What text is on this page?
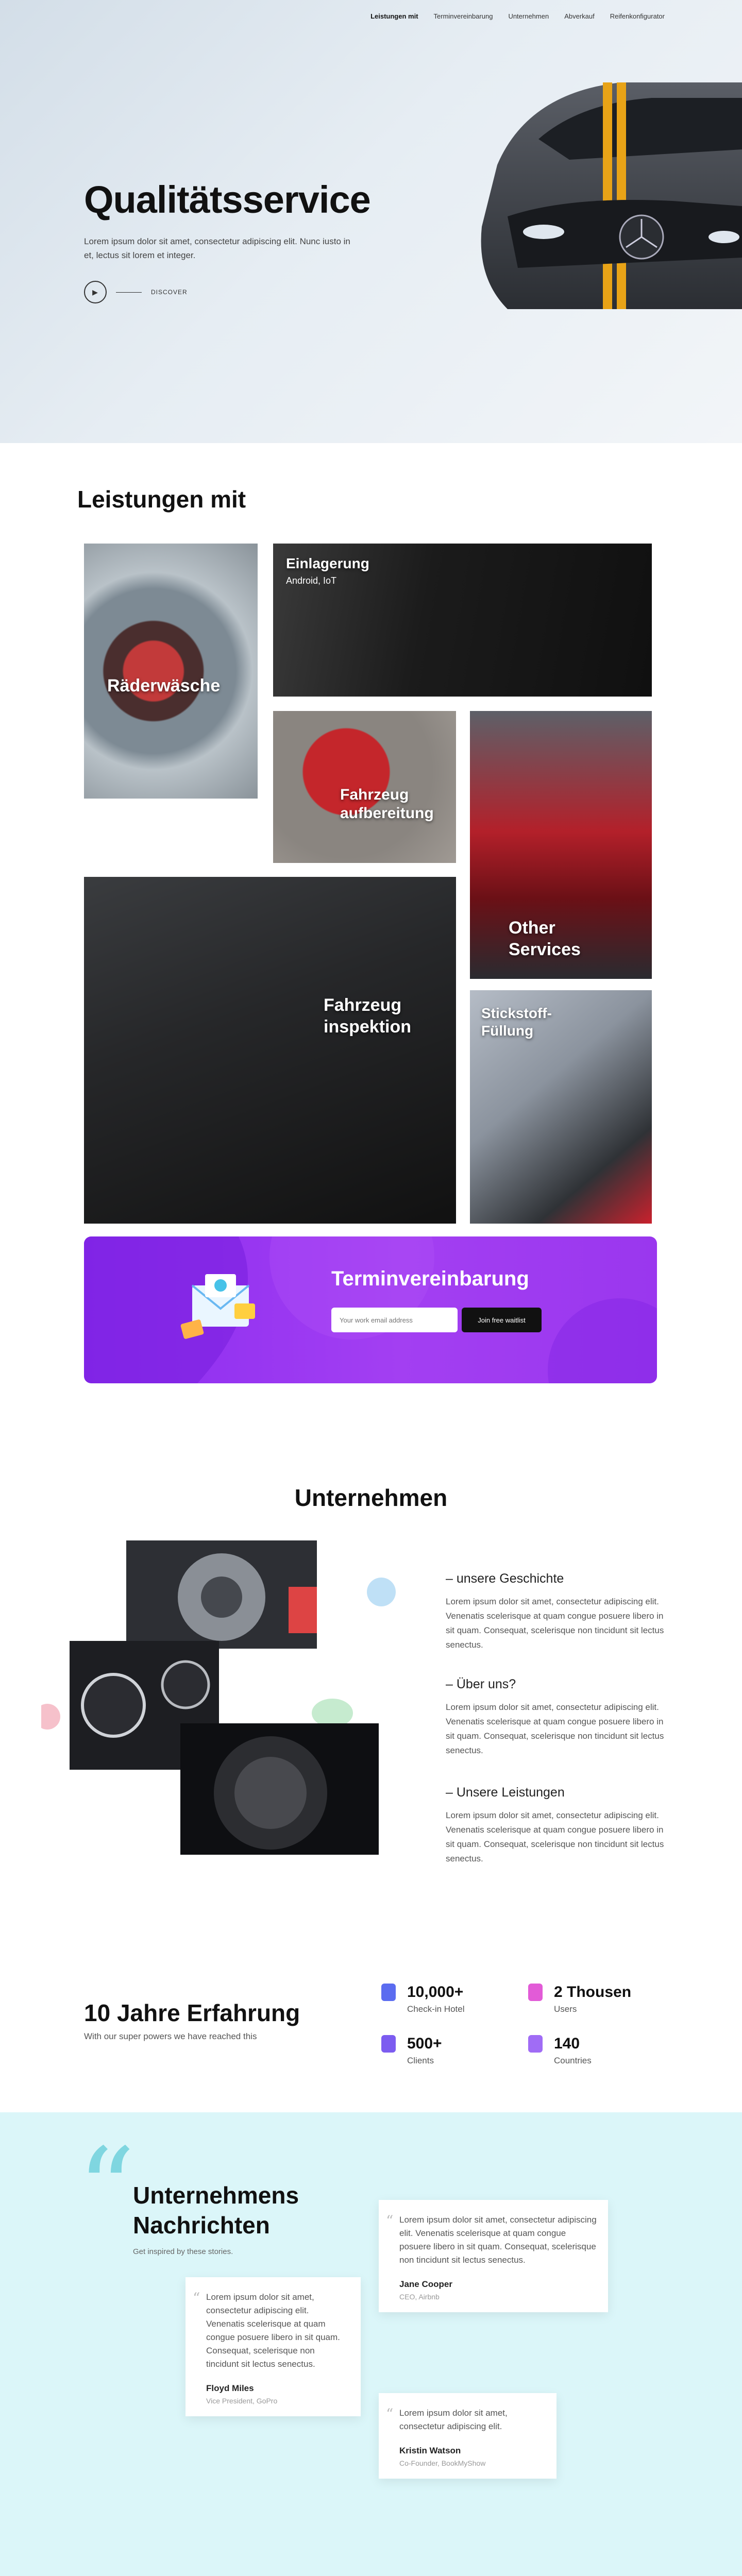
Leistungen mit Terminvereinbarung Unternehmen Abverkauf Reifenkonfigurator
Qualitätsservice

Lorem ipsum dolor sit amet, consectetur adipiscing elit. Nunc iusto in et, lectus sit lorem et integer.

▶	DISCOVER
Leistungen mit
Räderwäsche
Einlagerung
Android, IoT
Fahrzeug aufbereitung
Other Services
Fahrzeug inspektion
Stickstoff-Füllung
Terminvereinbarung
Your work email address
Join free waitlist
Unternehmen
– unsere Geschichte

Lorem ipsum dolor sit amet, consectetur adipiscing elit. Venenatis scelerisque at quam congue posuere libero in sit quam. Consequat, scelerisque non tincidunt sit lectus senectus.

– Über uns?

Lorem ipsum dolor sit amet, consectetur adipiscing elit. Venenatis scelerisque at quam congue posuere libero in sit quam. Consequat, scelerisque non tincidunt sit lectus senectus.

– Unsere Leistungen

Lorem ipsum dolor sit amet, consectetur adipiscing elit. Venenatis scelerisque at quam congue posuere libero in sit quam. Consequat, scelerisque non tincidunt sit lectus senectus.

10 Jahre Erfahrung

With our super powers we have reached this

10,000+
Check-in Hotel
2 Thousen
Users
500+
Clients
140
Countries
“
Unternehmens Nachrichten

Get inspired by these stories.

“ Lorem ipsum dolor sit amet, consectetur adipiscing elit. Venenatis scelerisque at quam congue posuere libero in sit quam. Consequat, scelerisque non tincidunt sit lectus senectus.

Floyd Miles
Vice President, GoPro
“ Lorem ipsum dolor sit amet, consectetur adipiscing elit. Venenatis scelerisque at quam congue posuere libero in sit quam. Consequat, scelerisque non tincidunt sit lectus senectus.

Jane Cooper
CEO, Airbnb
“ Lorem ipsum dolor sit amet, consectetur adipiscing elit.

Kristin Watson
Co-Founder, BookMyShow
